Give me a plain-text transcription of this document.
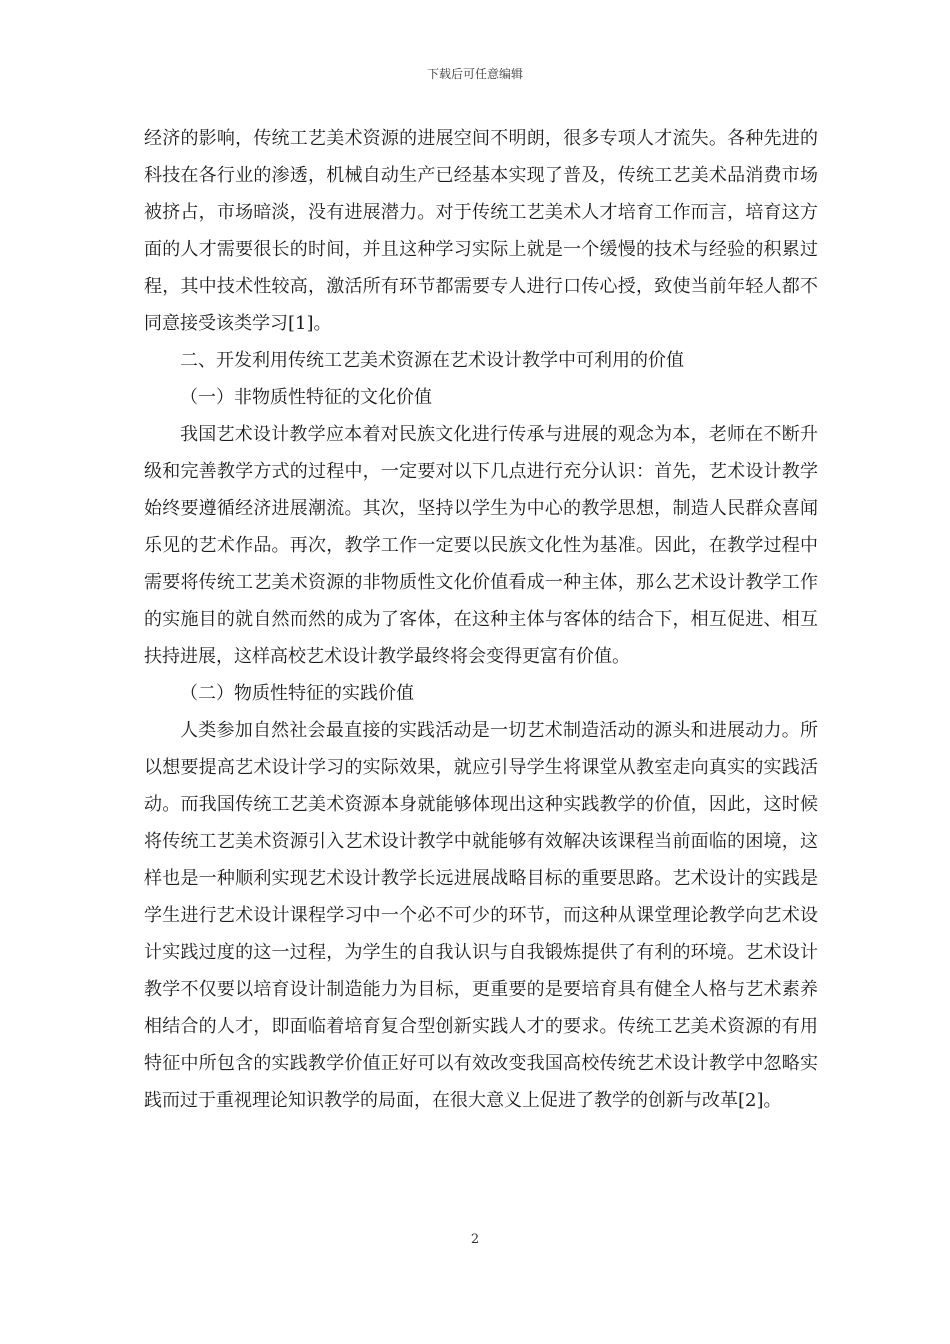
下载后可任意编辑

经济的影响，传统工艺美术资源的进展空间不明朗，很多专项人才流失。各种先进的科技在各行业的渗透，机械自动生产已经基本实现了普及，传统工艺美术品消费市场被挤占，市场暗淡，没有进展潜力。对于传统工艺美术人才培育工作而言，培育这方面的人才需要很长的时间，并且这种学习实际上就是一个缓慢的技术与经验的积累过程，其中技术性较高，激活所有环节都需要专人进行口传心授，致使当前年轻人都不同意接受该类学习[1]。

二、开发利用传统工艺美术资源在艺术设计教学中可利用的价值

（一）非物质性特征的文化价值

我国艺术设计教学应本着对民族文化进行传承与进展的观念为本，老师在不断升级和完善教学方式的过程中，一定要对以下几点进行充分认识：首先，艺术设计教学始终要遵循经济进展潮流。其次，坚持以学生为中心的教学思想，制造人民群众喜闻乐见的艺术作品。再次，教学工作一定要以民族文化性为基准。因此，在教学过程中需要将传统工艺美术资源的非物质性文化价值看成一种主体，那么艺术设计教学工作的实施目的就自然而然的成为了客体，在这种主体与客体的结合下，相互促进、相互扶持进展，这样高校艺术设计教学最终将会变得更富有价值。

（二）物质性特征的实践价值

人类参加自然社会最直接的实践活动是一切艺术制造活动的源头和进展动力。所以想要提高艺术设计学习的实际效果，就应引导学生将课堂从教室走向真实的实践活动。而我国传统工艺美术资源本身就能够体现出这种实践教学的价值，因此，这时候将传统工艺美术资源引入艺术设计教学中就能够有效解决该课程当前面临的困境，这样也是一种顺利实现艺术设计教学长远进展战略目标的重要思路。艺术设计的实践是学生进行艺术设计课程学习中一个必不可少的环节，而这种从课堂理论教学向艺术设计实践过度的这一过程，为学生的自我认识与自我锻炼提供了有利的环境。艺术设计教学不仅要以培育设计制造能力为目标，更重要的是要培育具有健全人格与艺术素养相结合的人才，即面临着培育复合型创新实践人才的要求。传统工艺美术资源的有用特征中所包含的实践教学价值正好可以有效改变我国高校传统艺术设计教学中忽略实践而过于重视理论知识教学的局面，在很大意义上促进了教学的创新与改革[2]。

2
